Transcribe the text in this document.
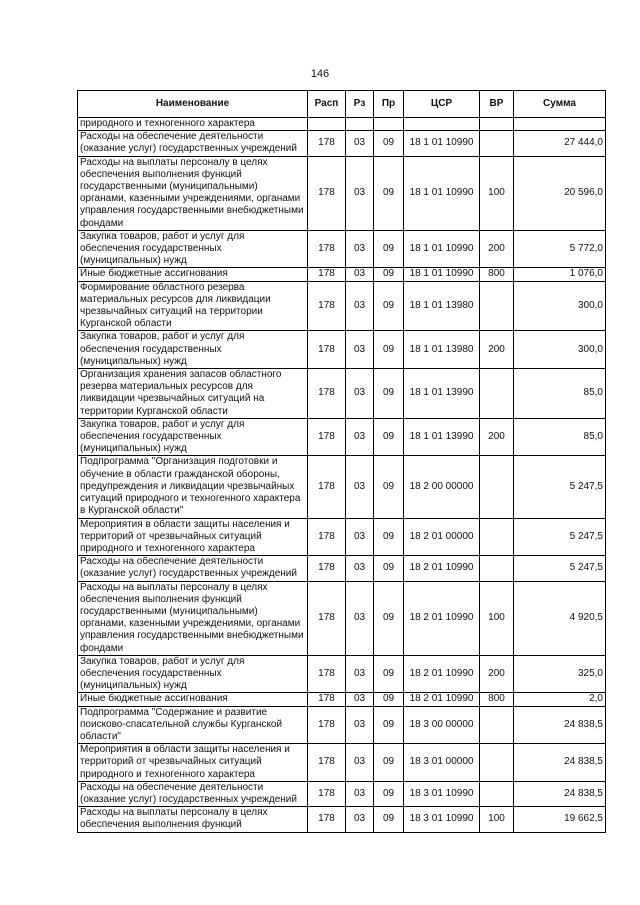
146
Наименование	Расп	Рз	Пр	ЦСР	ВР	Сумма
природного и техногенного характера						
Расходы на обеспечение деятельности (оказание услуг) государственных учреждений	178	03	09	18 1 01 10990		27 444,0
Расходы на выплаты персоналу в целях обеспечения выполнения функций государственными (муниципальными) органами, казенными учреждениями, органами управления государственными внебюджетными фондами	178	03	09	18 1 01 10990	100	20 596,0
Закупка товаров, работ и услуг для обеспечения государственных (муниципальных) нужд	178	03	09	18 1 01 10990	200	5 772,0
Иные бюджетные ассигнования	178	03	09	18 1 01 10990	800	1 076,0
Формирование областного резерва материальных ресурсов для ликвидации чрезвычайных ситуаций на территории Курганской области	178	03	09	18 1 01 13980		300,0
Закупка товаров, работ и услуг для обеспечения государственных (муниципальных) нужд	178	03	09	18 1 01 13980	200	300,0
Организация хранения запасов областного резерва материальных ресурсов для ликвидации чрезвычайных ситуаций на территории Курганской области	178	03	09	18 1 01 13990		85,0
Закупка товаров, работ и услуг для обеспечения государственных (муниципальных) нужд	178	03	09	18 1 01 13990	200	85,0
Подпрограмма "Организация подготовки и обучение в области гражданской обороны, предупреждения и ликвидации чрезвычайных ситуаций природного и техногенного характера в Курганской области"	178	03	09	18 2 00 00000		5 247,5
Мероприятия в области защиты населения и территорий от чрезвычайных ситуаций природного и техногенного характера	178	03	09	18 2 01 00000		5 247,5
Расходы на обеспечение деятельности (оказание услуг) государственных учреждений	178	03	09	18 2 01 10990		5 247,5
Расходы на выплаты персоналу в целях обеспечения выполнения функций государственными (муниципальными) органами, казенными учреждениями, органами управления государственными внебюджетными фондами	178	03	09	18 2 01 10990	100	4 920,5
Закупка товаров, работ и услуг для обеспечения государственных (муниципальных) нужд	178	03	09	18 2 01 10990	200	325,0
Иные бюджетные ассигнования	178	03	09	18 2 01 10990	800	2,0
Подпрограмма "Содержание и развитие поисково-спасательной службы Курганской области"	178	03	09	18 3 00 00000		24 838,5
Мероприятия в области защиты населения и территорий от чрезвычайных ситуаций природного и техногенного характера	178	03	09	18 3 01 00000		24 838,5
Расходы на обеспечение деятельности (оказание услуг) государственных учреждений	178	03	09	18 3 01 10990		24 838,5
Расходы на выплаты персоналу в целях обеспечения выполнения функций	178	03	09	18 3 01 10990	100	19 662,5
